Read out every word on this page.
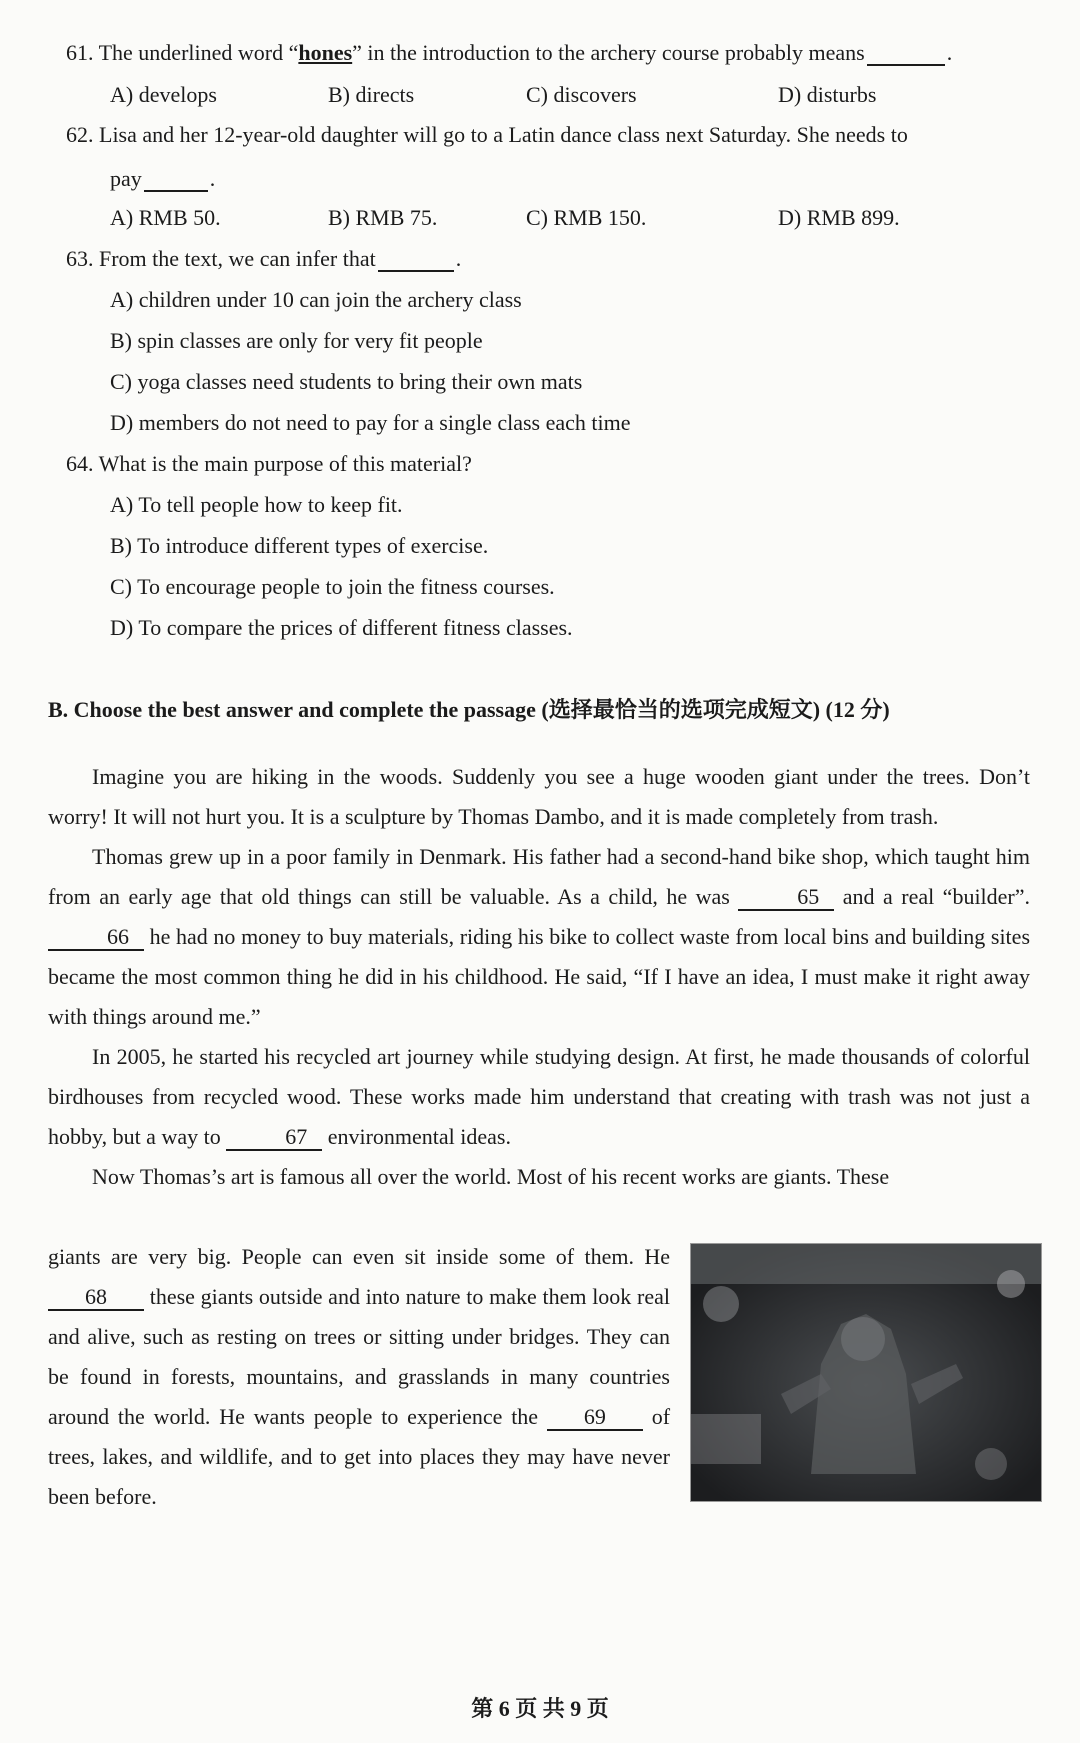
61. The underlined word “hones” in the introduction to the archery course probably means	.
A) develops	B) directs	C) discovers	D) disturbs
62. Lisa and her 12-year-old daughter will go to a Latin dance class next Saturday. She needs to
pay	.
A) RMB 50.	B) RMB 75.	C) RMB 150.	D) RMB 899.
63. From the text, we can infer that	.
A) children under 10 can join the archery class
B) spin classes are only for very fit people
C) yoga classes need students to bring their own mats
D) members do not need to pay for a single class each time
64. What is the main purpose of this material?
A) To tell people how to keep fit.
B) To introduce different types of exercise.
C) To encourage people to join the fitness courses.
D) To compare the prices of different fitness classes.
B. Choose the best answer and complete the passage (选择最恰当的选项完成短文) (12 分)

Imagine you are hiking in the woods. Suddenly you see a huge wooden giant under the trees. Don’t worry! It will not hurt you. It is a sculpture by Thomas Dambo, and it is made completely from trash.

Thomas grew up in a poor family in Denmark. His father had a second-hand bike shop, which taught him from an early age that old things can still be valuable. As a child, he was	65 and a real “builder”. 66 he had no money to buy materials, riding his bike to collect waste from local bins and building sites became the most common thing he did in his childhood. He said, “If I have an idea, I must make it right away with things around me.”

In 2005, he started his recycled art journey while studying design. At first, he made thousands of colorful birdhouses from recycled wood. These works made him understand that creating with trash was not just a hobby, but a way to	67 environmental ideas.

Now Thomas’s art is famous all over the world. Most of his recent works are giants. These

giants are very big. People can even sit inside some of them. He 68 these giants outside and into nature to make them look real and alive, such as resting on trees or sitting under bridges. They can be found in forests, mountains, and grasslands in many countries around the world. He wants people to experience the 69 of trees, lakes, and wildlife, and to get into places they may have never been before.

第 6 页 共 9 页
